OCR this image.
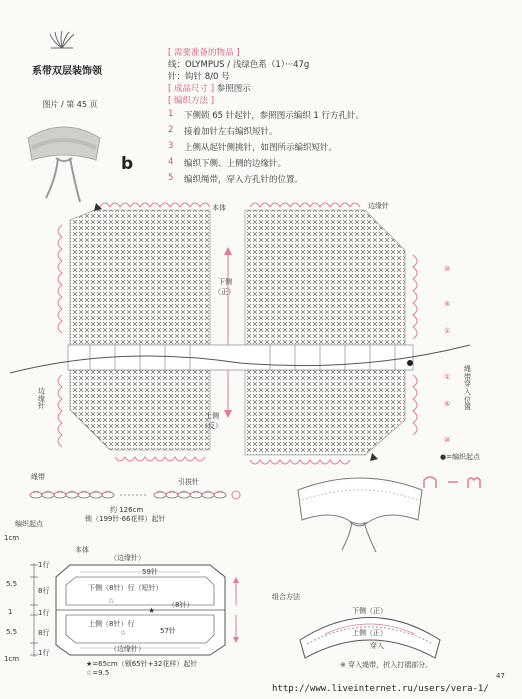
系带双层装饰领
图片 / 第 45 页
b

[ 需要准备的物品 ]

线：OLYMPUS / 浅绿色系（1）···47g

针：钩针 8/0 号

[ 成品尺寸 ] 参照图示

[ 编织方法 ]

1	下侧锁 65 针起针，参照图示编织 1 行方孔针。
2	接着加针左右编织短针。
3	上侧从起针侧挑针，如图所示编织短针。
4	编织下侧、上侧的边缘针。
5	编织绳带，穿入方孔针的位置。
本体	边缘针
下侧
（正）
上侧
（反）
边缘针
绳带穿入位置
⑩
⑤
①
①
⑤
⑩
●=编织起点
绳带
引拔针
约 126cm
锁（199针·66花样）起针
编织起点
本体
☆
★
☆
（边缘针）
59针
下侧（8针）行（短针）
上侧（8针）行
（边缘针）
57针
（8针）
1cm
5.5
1
5.5
1cm
1行
8行
1行
8行
1行
★=65cm（锁65针+32花样）起针
☆=9.5
组合方法
下侧（正）
上侧（正）
穿入
※ 穿入绳带，折入打褶部分。
47
http://www.liveinternet.ru/users/vera-1/
